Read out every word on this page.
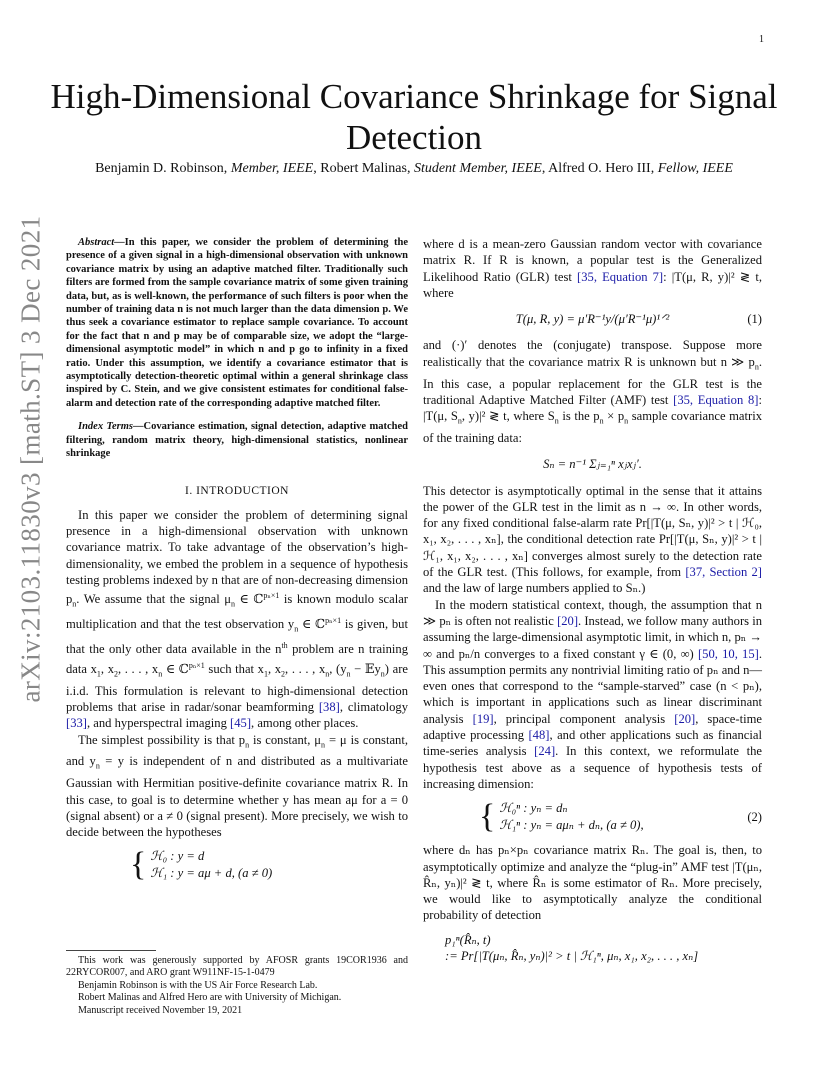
1
High-Dimensional Covariance Shrinkage for Signal Detection
Benjamin D. Robinson, Member, IEEE, Robert Malinas, Student Member, IEEE, Alfred O. Hero III, Fellow, IEEE
arXiv:2103.11830v3 [math.ST] 3 Dec 2021	Abstract—In this paper, we consider the problem of determining the presence of a given signal in a high-dimensional observation with unknown covariance matrix by using an adaptive matched filter. Traditionally such filters are formed from the sample covariance matrix of some given training data, but, as is well-known, the performance of such filters is poor when the number of training data n is not much larger than the data dimension p. We thus seek a covariance estimator to replace sample covariance. To account for the fact that n and p may be of comparable size, we adopt the “large-dimensional asymptotic model” in which n and p go to infinity in a fixed ratio. Under this assumption, we identify a covariance estimator that is asymptotically detection-theoretic optimal within a general shrinkage class inspired by C. Stein, and we give consistent estimates for conditional false-alarm and detection rate of the corresponding adaptive matched filter.

Index Terms—Covariance estimation, signal detection, adaptive matched filtering, random matrix theory, high-dimensional statistics, nonlinear shrinkage

I. INTRODUCTION

In this paper we consider the problem of determining signal presence in a high-dimensional observation with unknown covariance matrix. To take advantage of the observation’s high-dimensionality, we embed the problem in a sequence of hypothesis testing problems indexed by n that are of non-decreasing dimension $p_n$. We assume that the signal $\mu_n$ ∈ ℂ$^{p_n\times 1}$ is known modulo scalar multiplication and that the test observation $y_n$ ∈ ℂ$^{p_n\times 1}$ is given, but that the only other data available in the $n^{th}$ problem are n training data $x_1$, $x_2$, . . . , $x_n$ ∈ ℂ$^{p_n\times 1}$ such that $x_1$, $x_2$, . . . , $x_n$, ($y_n$ − 𝔼y$_n$) are i.i.d. This formulation is relevant to high-dimensional detection problems that arise in radar/sonar beamforming [38], climatology [33], and hyperspectral imaging [45], among other places.

The simplest possibility is that $p_n$ is constant, $\mu_n = \mu$ is constant, and $y_n = y$ is independent of n and distributed as a multivariate Gaussian with Hermitian positive-definite covariance matrix R. In this case, to goal is to determine whether y has mean aμ for a = 0 (signal absent) or a ≠ 0 (signal present). More precisely, we wish to decide between the hypotheses

{ ℋ₀ : y = d
ℋ₁ : y = aμ + d, (a ≠ 0)

This work was generously supported by AFOSR grants 19COR1936 and 22RYCOR007, and ARO grant W911NF-15-1-0479

Benjamin Robinson is with the US Air Force Research Lab.

Robert Malinas and Alfred Hero are with University of Michigan.

Manuscript received November 19, 2021

where d is a mean-zero Gaussian random vector with covariance matrix R. If R is known, a popular test is the Generalized Likelihood Ratio (GLR) test [35, Equation 7]: |T(μ, R, y)|² ≷ t, where

T(μ, R, y) = μ′R⁻¹y/(μ′R⁻¹μ)¹ᐟ²	(1)

and (·)′ denotes the (conjugate) transpose. Suppose more realistically that the covariance matrix R is unknown but n ≫ $p_n$. In this case, a popular replacement for the GLR test is the traditional Adaptive Matched Filter (AMF) test [35, Equation 8]: |T(μ, $S_n$, y)|² ≷ t, where $S_n$ is the $p_n \times p_n$ sample covariance matrix of the training data:

Sₙ = n⁻¹ Σⱼ₌₁ⁿ xⱼxⱼ′.

This detector is asymptotically optimal in the sense that it attains the power of the GLR test in the limit as n → ∞. In other words, for any fixed conditional false-alarm rate Pr[|T(μ, Sₙ, y)|² > t | ℋ₀, x₁, x₂, . . . , xₙ], the conditional detection rate Pr[|T(μ, Sₙ, y)|² > t | ℋ₁, x₁, x₂, . . . , xₙ] converges almost surely to the detection rate of the GLR test. (This follows, for example, from [37, Section 2] and the law of large numbers applied to Sₙ.)

In the modern statistical context, though, the assumption that n ≫ pₙ is often not realistic [20]. Instead, we follow many authors in assuming the large-dimensional asymptotic limit, in which n, pₙ → ∞ and pₙ/n converges to a fixed constant γ ∈ (0, ∞) [50, 10, 15]. This assumption permits any nontrivial limiting ratio of pₙ and n—even ones that correspond to the “sample-starved” case (n < pₙ), which is important in applications such as linear discriminant analysis [19], principal component analysis [20], space-time adaptive processing [48], and other applications such as financial time-series analysis [24]. In this context, we reformulate the hypothesis test above as a sequence of hypothesis tests of increasing dimension:

{ ℋ₀ⁿ : yₙ = dₙ
ℋ₁ⁿ : yₙ = aμₙ + dₙ, (a ≠ 0),
(2)

where dₙ has pₙ×pₙ covariance matrix Rₙ. The goal is, then, to asymptotically optimize and analyze the “plug-in” AMF test |T(μₙ, R̂ₙ, yₙ)|² ≷ t, where R̂ₙ is some estimator of Rₙ. More precisely, we would like to asymptotically analyze the conditional probability of detection

p₁ⁿ(R̂ₙ, t)
:= Pr[|T(μₙ, R̂ₙ, yₙ)|² > t | ℋ₁ⁿ, μₙ, x₁, x₂, . . . , xₙ]
